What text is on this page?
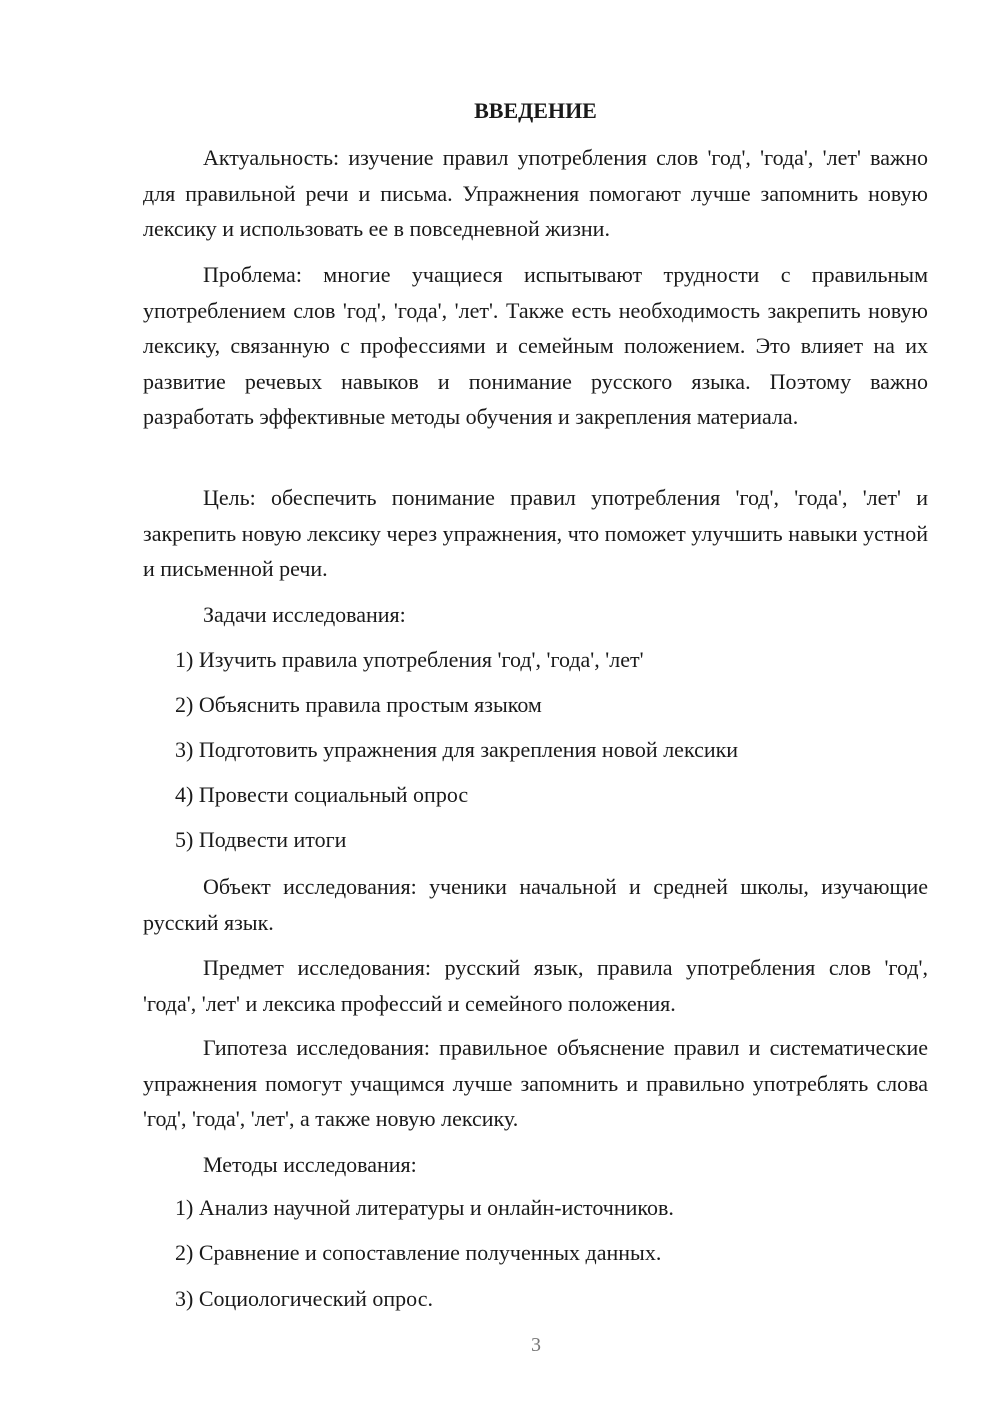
ВВЕДЕНИЕ

Актуальность: изучение правил употребления слов 'год', 'года', 'лет' важно для правильной речи и письма. Упражнения помогают лучше запомнить новую лексику и использовать ее в повседневной жизни.

Проблема: многие учащиеся испытывают трудности с правильным употреблением слов 'год', 'года', 'лет'. Также есть необходимость закрепить новую лексику, связанную с профессиями и семейным положением. Это влияет на их развитие речевых навыков и понимание русского языка. Поэтому важно разработать эффективные методы обучения и закрепления материала.

Цель: обеспечить понимание правил употребления 'год', 'года', 'лет' и закрепить новую лексику через упражнения, что поможет улучшить навыки устной и письменной речи.

Задачи исследования:

1) Изучить правила употребления 'год', 'года', 'лет'

2) Объяснить правила простым языком

3) Подготовить упражнения для закрепления новой лексики

4) Провести социальный опрос

5) Подвести итоги

Объект исследования: ученики начальной и средней школы, изучающие русский язык.

Предмет исследования: русский язык, правила употребления слов 'год', 'года', 'лет' и лексика профессий и семейного положения.

Гипотеза исследования: правильное объяснение правил и систематические упражнения помогут учащимся лучше запомнить и правильно употреблять слова 'год', 'года', 'лет', а также новую лексику.

Методы исследования:

1) Анализ научной литературы и онлайн-источников.

2) Сравнение и сопоставление полученных данных.

3) Социологический опрос.

3
